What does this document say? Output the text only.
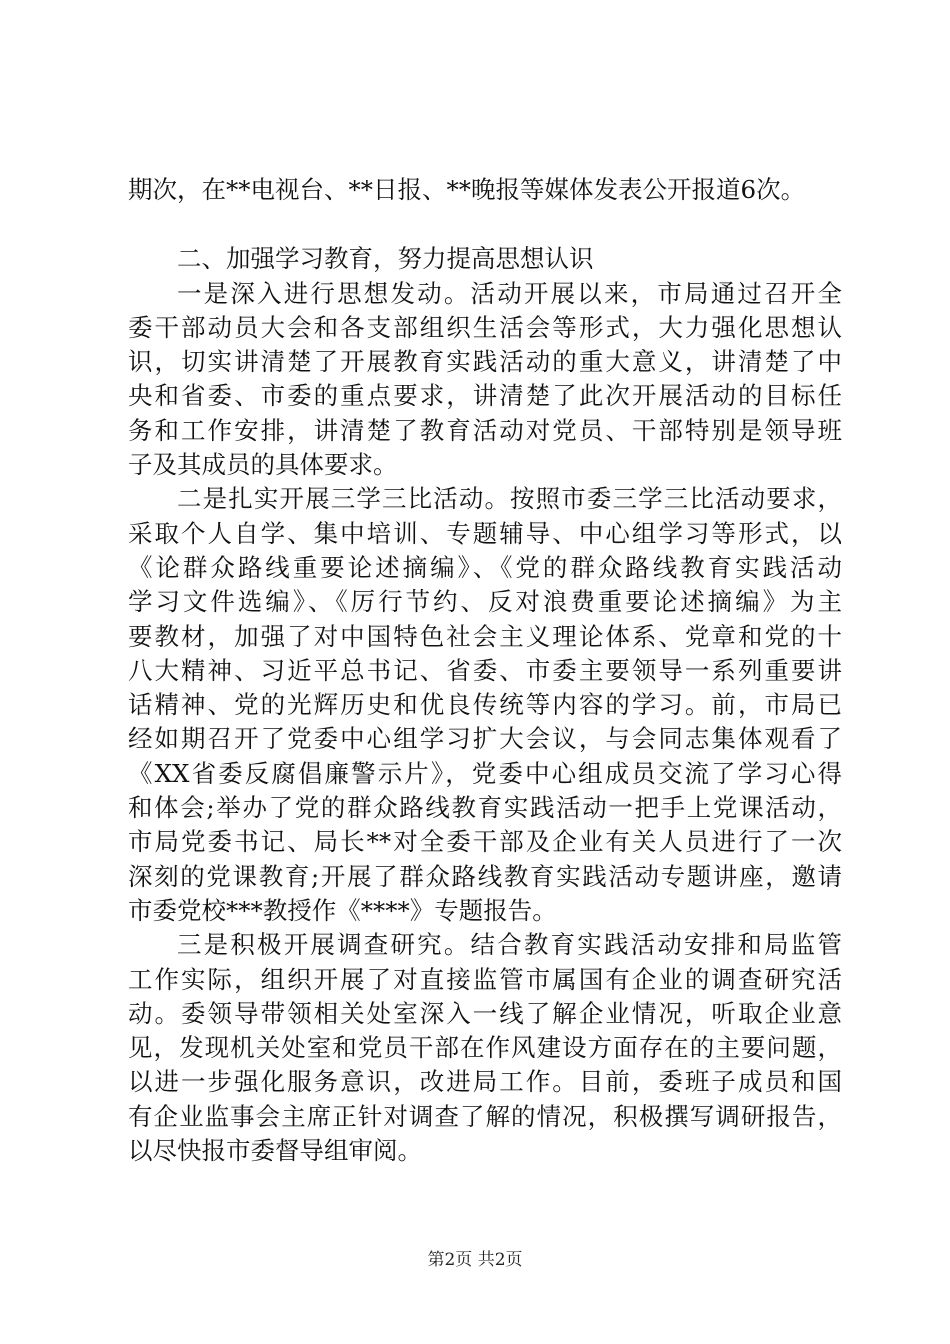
期次，在**电视台、**日报、**晚报等媒体发表公开报道6次。
二、加强学习教育，努力提高思想认识
一是深入进行思想发动。活动开展以来，市局通过召开全
委干部动员大会和各支部组织生活会等形式，大力强化思想认
识，切实讲清楚了开展教育实践活动的重大意义，讲清楚了中
央和省委、市委的重点要求，讲清楚了此次开展活动的目标任
务和工作安排，讲清楚了教育活动对党员、干部特别是领导班
子及其成员的具体要求。
二是扎实开展三学三比活动。按照市委三学三比活动要求，
采取个人自学、集中培训、专题辅导、中心组学习等形式，以
《论群众路线重要论述摘编》、《党的群众路线教育实践活动
学习文件选编》、《厉行节约、反对浪费重要论述摘编》为主
要教材，加强了对中国特色社会主义理论体系、党章和党的十
八大精神、习近平总书记、省委、市委主要领导一系列重要讲
话精神、党的光辉历史和优良传统等内容的学习。前，市局已
经如期召开了党委中心组学习扩大会议，与会同志集体观看了
《XX省委反腐倡廉警示片》，党委中心组成员交流了学习心得
和体会;举办了党的群众路线教育实践活动一把手上党课活动，
市局党委书记、局长**对全委干部及企业有关人员进行了一次
深刻的党课教育;开展了群众路线教育实践活动专题讲座，邀请
市委党校***教授作《****》专题报告。
三是积极开展调查研究。结合教育实践活动安排和局监管
工作实际，组织开展了对直接监管市属国有企业的调查研究活
动。委领导带领相关处室深入一线了解企业情况，听取企业意
见，发现机关处室和党员干部在作风建设方面存在的主要问题，
以进一步强化服务意识，改进局工作。目前，委班子成员和国
有企业监事会主席正针对调查了解的情况，积极撰写调研报告，
以尽快报市委督导组审阅。
第2页 共2页
